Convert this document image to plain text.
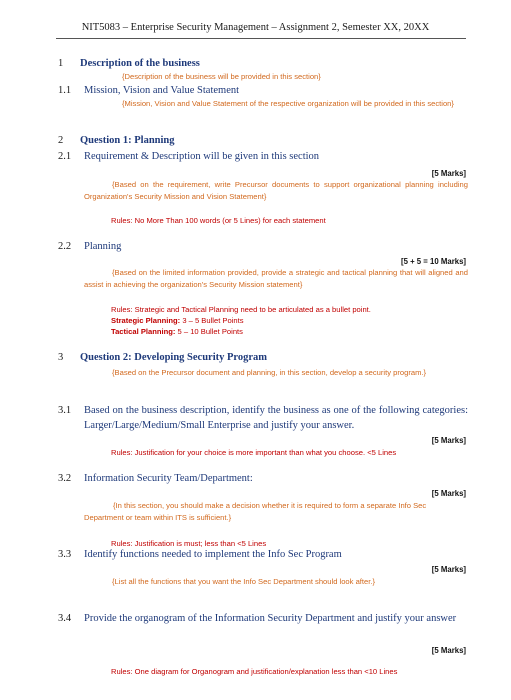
NIT5083 – Enterprise Security Management – Assignment 2, Semester XX, 20XX
1 Description of the business
{Description of the business will be provided in this section}
1.1 Mission, Vision and Value Statement
{Mission, Vision and Value Statement of the respective organization will be provided in this section}
2 Question 1: Planning
2.1 Requirement & Description will be given in this section
[5 Marks]
{Based on the requirement, write Precursor documents to support organizational planning including Organization's Security Mission and Vision Statement}
Rules: No More Than 100 words (or 5 Lines) for each statement
2.2 Planning
[5 + 5 = 10 Marks]
{Based on the limited information provided, provide a strategic and tactical planning that will aligned and assist in achieving the organization's Security Mission statement}
Rules: Strategic and Tactical Planning need to be articulated as a bullet point.
Strategic Planning: 3 – 5 Bullet Points
Tactical Planning: 5 – 10 Bullet Points
3 Question 2: Developing Security Program
{Based on the Precursor document and planning, in this section, develop a security program.}
3.1 Based on the business description, identify the business as one of the following categories: Larger/Large/Medium/Small Enterprise and justify your answer.
[5 Marks]
Rules: Justification for your choice is more important than what you choose. <5 Lines
3.2 Information Security Team/Department:
[5 Marks]
{In this section, you should make a decision whether it is required to form a separate Info Sec Department or team within ITS is sufficient.}
Rules: Justification is must; less than <5 Lines
3.3 Identify functions needed to implement the Info Sec Program
[5 Marks]
{List all the functions that you want the Info Sec Department should look after.}
3.4 Provide the organogram of the Information Security Department and justify your answer
[5 Marks]
Rules: One diagram for Organogram and justification/explanation less than <10 Lines
